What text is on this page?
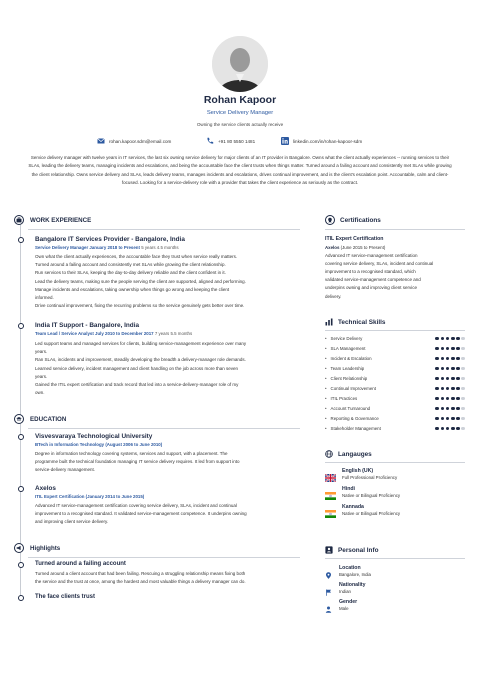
Rohan Kapoor
Service Delivery Manager
Owning the service clients actually receive
rohan.kapoor.sdm@email.com	+91 80 5550 1481	linkedin.com/in/rohan-kapoor-sdm
Service delivery manager with twelve years in IT services, the last six owning service delivery for major clients of an IT provider in Bangalore. Owns what the client actually experiences -- running services to their SLAs, leading the delivery teams, managing incidents and escalations, and being the accountable face the client trusts when things matter. Turned around a failing account and consistently met SLAs while growing the client relationship. Owns service delivery and SLAs, leads delivery teams, manages incidents and escalations, drives continual improvement, and is the client's escalation point. Accountable, calm and client-focused. Looking for a service-delivery role with a provider that takes the client experience as seriously as the contract.
WORK EXPERIENCE
Bangalore IT Services Provider - Bangalore, India
Service Delivery Manager January 2018 to Present 5 years 4.5 months
Own what the client actually experiences, the accountable face they trust when service really matters.
Turned around a failing account and consistently met SLAs while growing the client relationship.
Run services to their SLAs, keeping the day-to-day delivery reliable and the client confident in it.
Lead the delivery teams, making sure the people serving the client are supported, aligned and performing.
Manage incidents and escalations, taking ownership when things go wrong and keeping the client
informed.
Drive continual improvement, fixing the recurring problems so the service genuinely gets better over time.
India IT Support - Bangalore, India
Team Lead / Service Analyst July 2010 to December 2017 7 years 5.5 months
Led support teams and managed services for clients, building service-management experience over many
years.
Ran SLAs, incidents and improvement, steadily developing the breadth a delivery-manager role demands.
Learned service delivery, incident management and client handling on the job across more than seven
years.
Gained the ITIL expert certification and track record that led into a service-delivery-manager role of my
own.
EDUCATION
Visvesvaraya Technological University
BTech in Information Technology (August 2006 to June 2010)
Degree in information technology covering systems, services and support, with a placement. The
programme built the technical foundation managing IT service delivery requires. It led from support into
service-delivery management.
Axelos
ITIL Expert Certification (January 2014 to June 2015)
Advanced IT service-management certification covering service delivery, SLAs, incident and continual
improvement to a recognised standard. It validated service-management competence. It underpins owning
and improving client service delivery.
Highlights
Turned around a failing account
Turned around a client account that had been failing. Rescuing a struggling relationship means fixing both
the service and the trust at once, among the hardest and most valuable things a delivery manager can do.
The face clients trust
Certifications
ITIL Expert Certification
Axelos (June 2015 to Present)
Advanced IT service-management certification
covering service delivery, SLAs, incident and continual
improvement to a recognised standard, which
validated service-management competence and
underpins owning and improving client service
delivery.
Technical Skills
• Service Delivery
• SLA Management
• Incident & Escalation
• Team Leadership
• Client Relationship
• Continual Improvement
• ITIL Practices
• Account Turnaround
• Reporting & Governance
• Stakeholder Management
Langauges
English (UK)
Full Professional Proficiency
Hindi
Native or Bilingual Proficiency
Kannada
Native or Bilingual Proficiency
Personal Info
Location
Bangalore, India
Nationality
Indian
Gender
Male
